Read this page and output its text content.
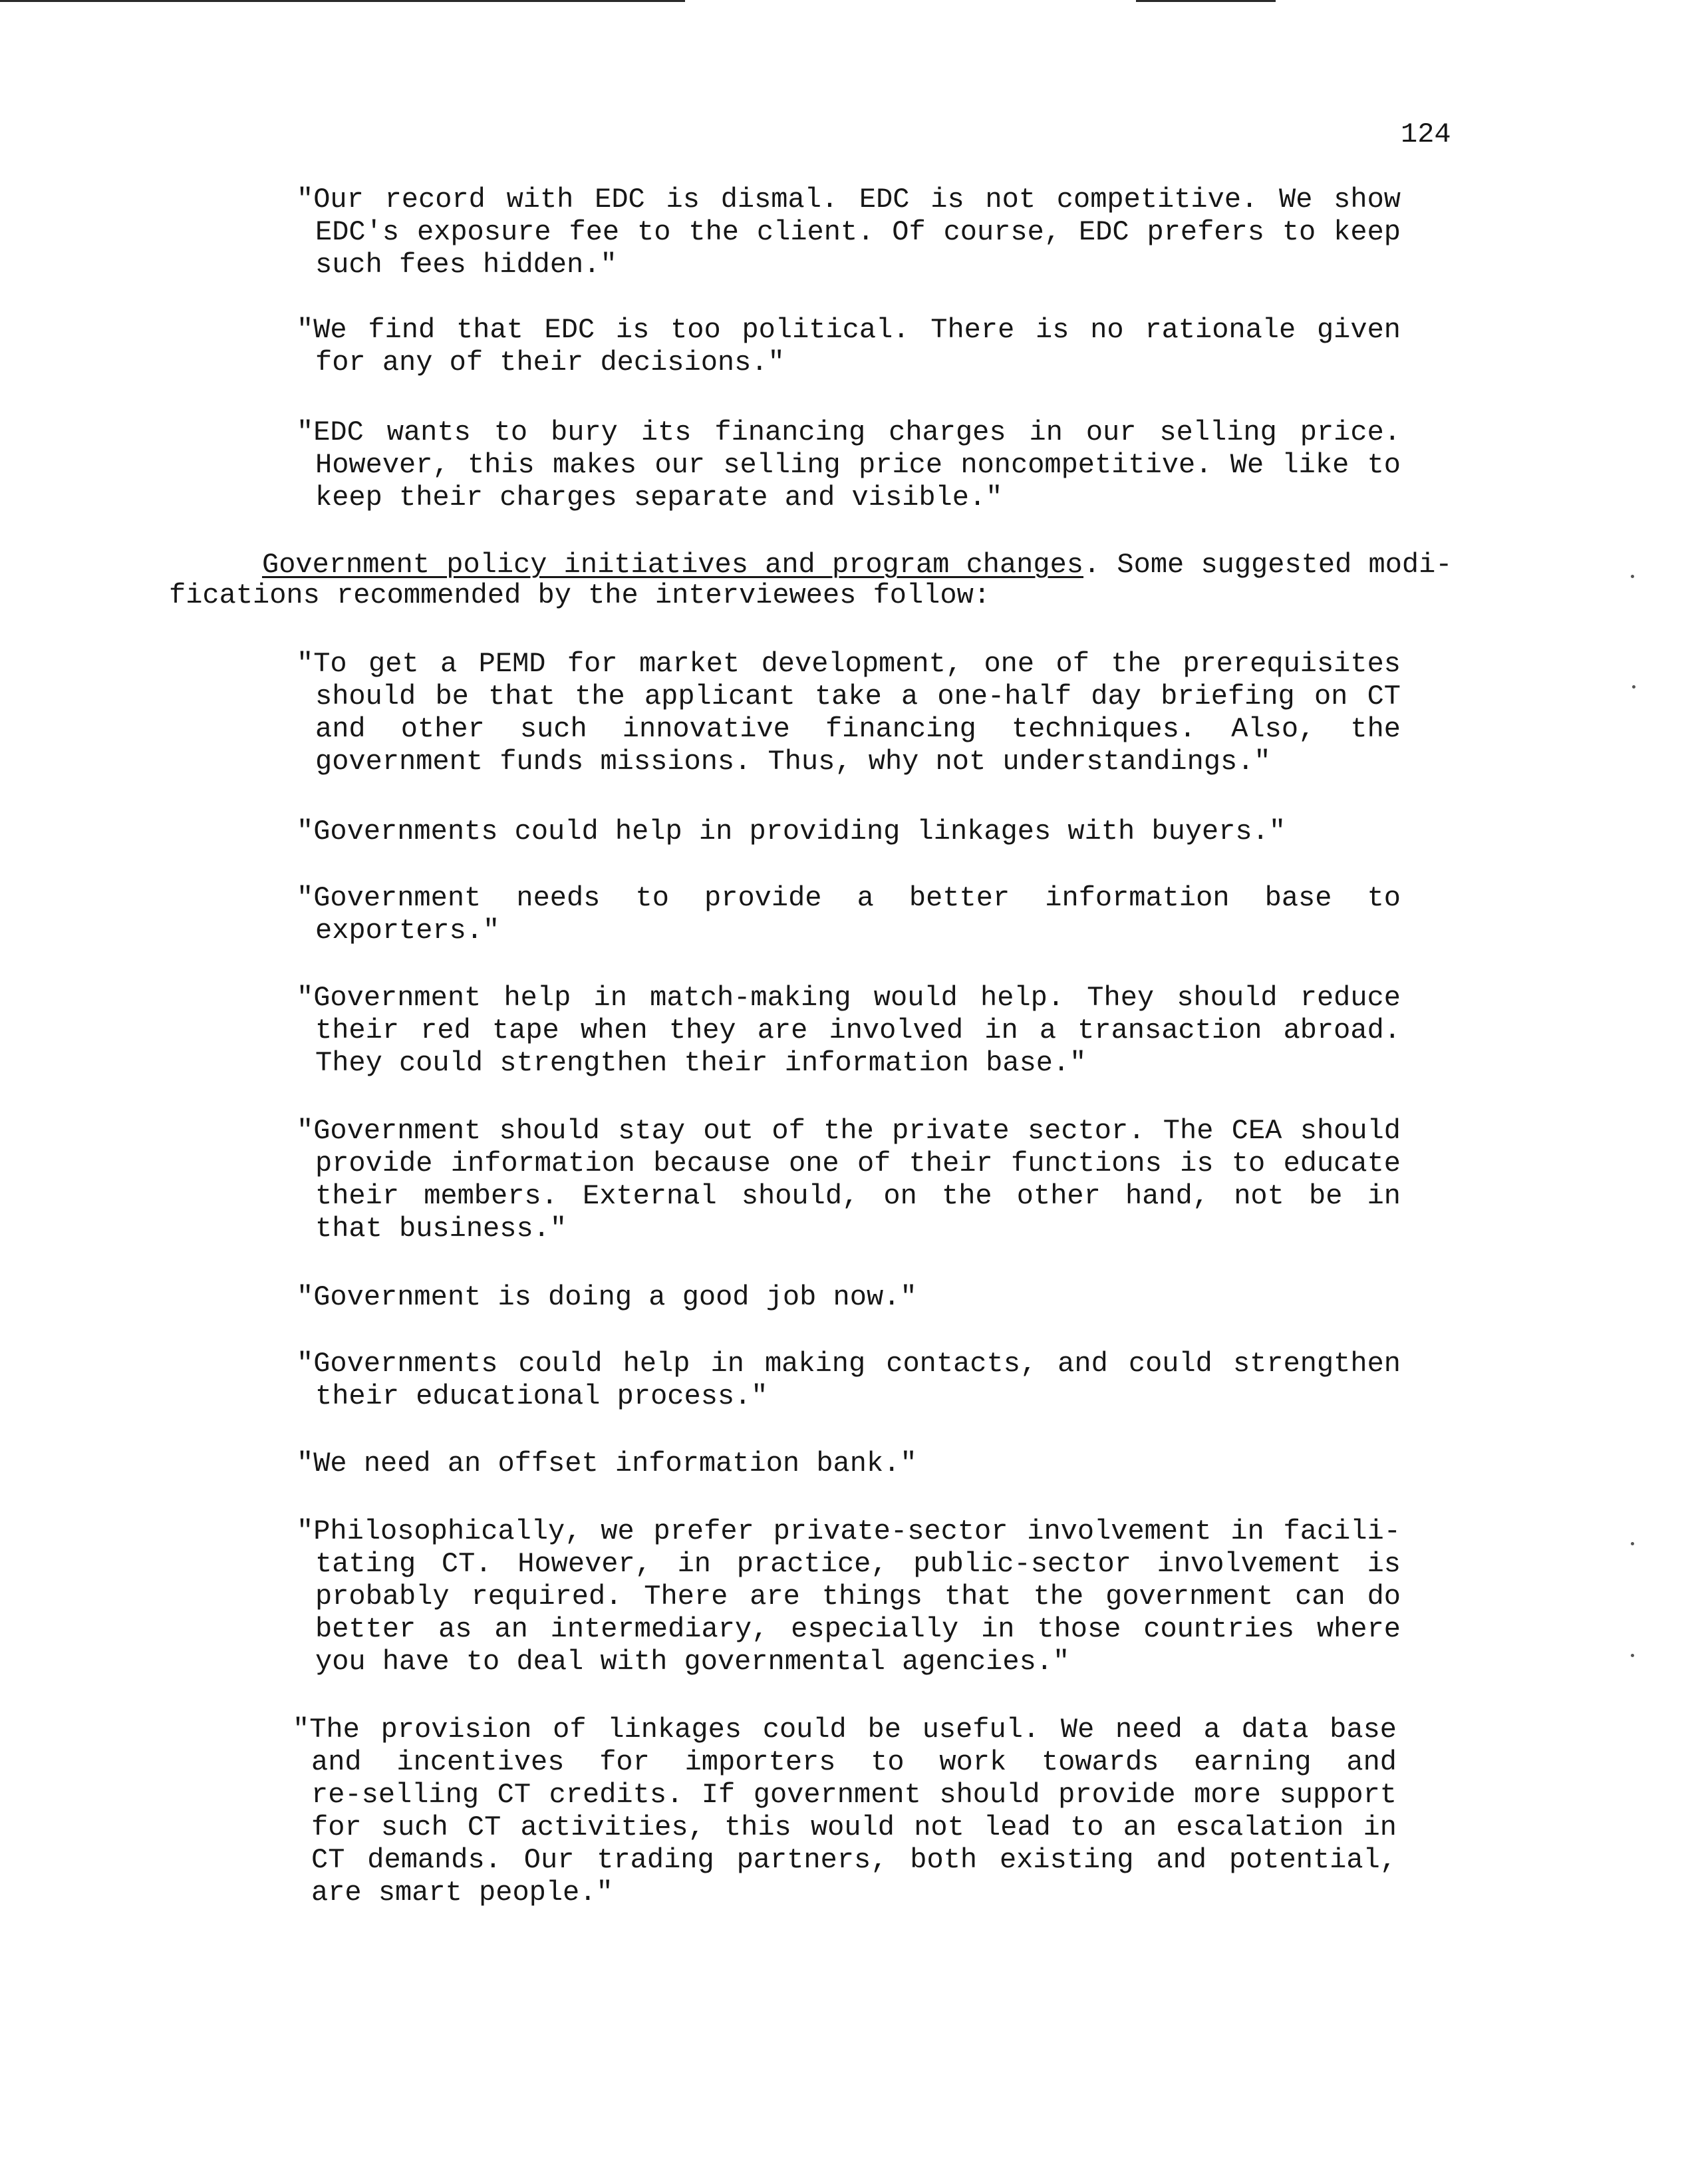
124
"Our record with EDC is dismal. EDC is not competitive. We show
EDC's exposure fee to the client. Of course, EDC prefers to keep
such fees hidden."
"We find that EDC is too political. There is no rationale given
for any of their decisions."
"EDC wants to bury its financing charges in our selling price.
However, this makes our selling price noncompetitive. We like to
keep their charges separate and visible."
Government policy initiatives and program changes. Some suggested modi-
fications recommended by the interviewees follow:
"To get a PEMD for market development, one of the prerequisites
should be that the applicant take a one-half day briefing on CT
and other such innovative financing techniques. Also, the
government funds missions. Thus, why not understandings."
"Governments could help in providing linkages with buyers."
"Government needs to provide a better information base to
exporters."
"Government help in match-making would help. They should reduce
their red tape when they are involved in a transaction abroad.
They could strengthen their information base."
"Government should stay out of the private sector. The CEA should
provide information because one of their functions is to educate
their members. External should, on the other hand, not be in
that business."
"Government is doing a good job now."
"Governments could help in making contacts, and could strengthen
their educational process."
"We need an offset information bank."
"Philosophically, we prefer private-sector involvement in facili-
tating CT. However, in practice, public-sector involvement is
probably required. There are things that the government can do
better as an intermediary, especially in those countries where
you have to deal with governmental agencies."
"The provision of linkages could be useful. We need a data base
and incentives for importers to work towards earning and
re-selling CT credits. If government should provide more support
for such CT activities, this would not lead to an escalation in
CT demands. Our trading partners, both existing and potential,
are smart people."
